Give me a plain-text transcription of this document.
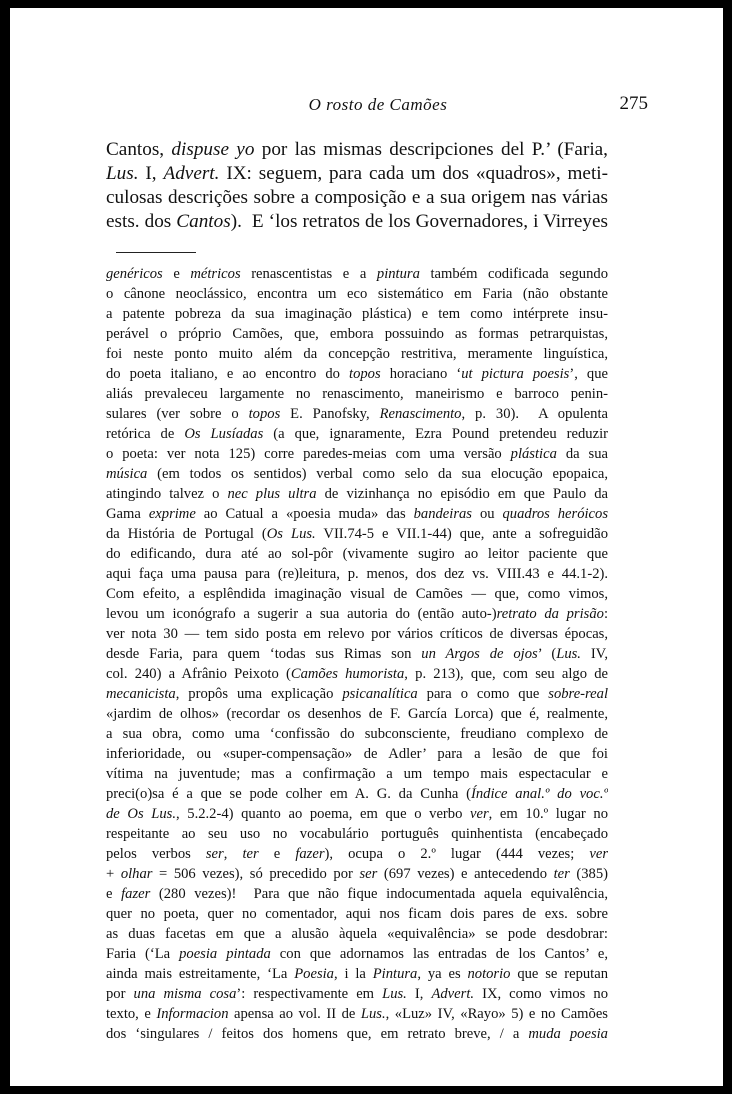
O rosto de Camões	275
Cantos, dispuse yo por las mismas descripciones del P.’ (Faria,
Lus. I, Advert. IX: seguem, para cada um dos «quadros», meti-
culosas descrições sobre a composição e a sua origem nas várias
ests. dos Cantos).  E ‘los retratos de los Governadores, i Virreyes
genéricos e métricos renascentistas e a pintura também codificada segundo
o cânone neoclássico, encontra um eco sistemático em Faria (não obstante
a patente pobreza da sua imaginação plástica) e tem como intérprete insu-
perável o próprio Camões, que, embora possuindo as formas petrarquistas,
foi neste ponto muito além da concepção restritiva, meramente linguística,
do poeta italiano, e ao encontro do topos horaciano ‘ut pictura poesis’, que
aliás prevaleceu largamente no renascimento, maneirismo e barroco penin-
sulares (ver sobre o topos E. Panofsky, Renascimento, p. 30).  A opulenta
retórica de Os Lusíadas (a que, ignaramente, Ezra Pound pretendeu reduzir
o poeta: ver nota 125) corre paredes-meias com uma versão plástica da sua
música (em todos os sentidos) verbal como selo da sua elocução epopaica,
atingindo talvez o nec plus ultra de vizinhança no episódio em que Paulo da
Gama exprime ao Catual a «poesia muda» das bandeiras ou quadros heróicos
da História de Portugal (Os Lus. VII.74-5 e VII.1-44) que, ante a sofreguidão
do edificando, dura até ao sol-pôr (vivamente sugiro ao leitor paciente que
aqui faça uma pausa para (re)leitura, p. menos, dos dez vs. VIII.43 e 44.1-2).
Com efeito, a esplêndida imaginação visual de Camões — que, como vimos,
levou um iconógrafo a sugerir a sua autoria do (então auto-)retrato da prisão:
ver nota 30 — tem sido posta em relevo por vários críticos de diversas épocas,
desde Faria, para quem ‘todas sus Rimas son un Argos de ojos’ (Lus. IV,
col. 240) a Afrânio Peixoto (Camões humorista, p. 213), que, com seu algo de
mecanicista, propôs uma explicação psicanalítica para o como que sobre-real
«jardim de olhos» (recordar os desenhos de F. García Lorca) que é, realmente,
a sua obra, como uma ‘confissão do subconsciente, freudiano complexo de
inferioridade, ou «super-compensação» de Adler’ para a lesão de que foi
vítima na juventude; mas a confirmação a um tempo mais espectacular e
preci(o)sa é a que se pode colher em A. G. da Cunha (Índice anal.º do voc.º
de Os Lus., 5.2.2-4) quanto ao poema, em que o verbo ver, em 10.º lugar no
respeitante ao seu uso no vocabulário português quinhentista (encabeçado
pelos verbos ser, ter e fazer), ocupa o 2.º lugar (444 vezes; ver
+ olhar = 506 vezes), só precedido por ser (697 vezes) e antecedendo ter (385)
e fazer (280 vezes)!  Para que não fique indocumentada aquela equivalência,
quer no poeta, quer no comentador, aqui nos ficam dois pares de exs. sobre
as duas facetas em que a alusão àquela «equivalência» se pode desdobrar:
Faria (‘La poesia pintada con que adornamos las entradas de los Cantos’ e,
ainda mais estreitamente, ‘La Poesia, i la Pintura, ya es notorio que se reputan
por una misma cosa’: respectivamente em Lus. I, Advert. IX, como vimos no
texto, e Informacion apensa ao vol. II de Lus., «Luz» IV, «Rayo» 5) e no Camões
dos ‘singulares / feitos dos homens que, em retrato breve, / a muda poesia
